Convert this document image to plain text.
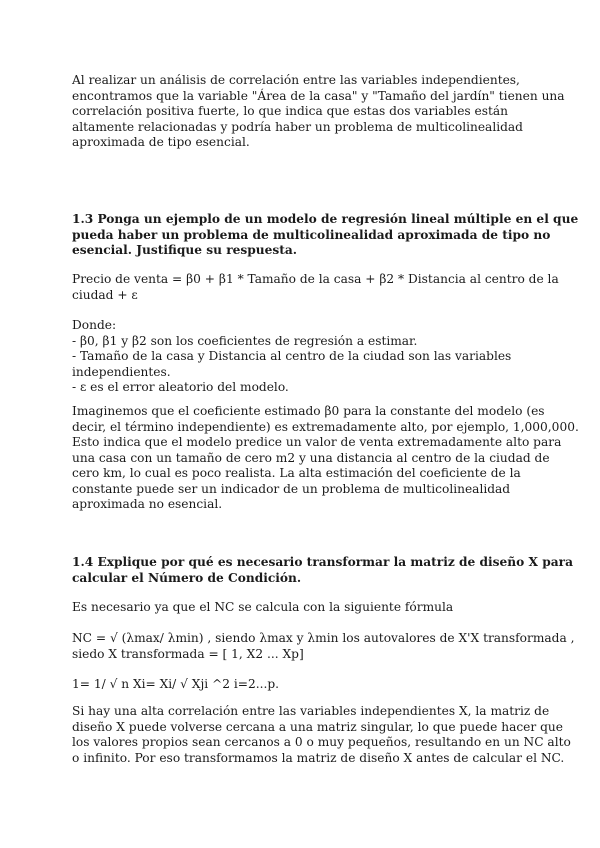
Al realizar un análisis de correlación entre las variables independientes,
encontramos que la variable "Área de la casa" y "Tamaño del jardín" tienen una
correlación positiva fuerte, lo que indica que estas dos variables están
altamente relacionadas y podría haber un problema de multicolinealidad
aproximada de tipo esencial.
1.3 Ponga un ejemplo de un modelo de regresión lineal múltiple en el que
pueda haber un problema de multicolinealidad aproximada de tipo no
esencial. Justifique su respuesta.
Precio de venta = β0 + β1 * Tamaño de la casa + β2 * Distancia al centro de la
ciudad + ε
Donde:
- β0, β1 y β2 son los coeficientes de regresión a estimar.
- Tamaño de la casa y Distancia al centro de la ciudad son las variables
independientes.
- ε es el error aleatorio del modelo.
Imaginemos que el coeficiente estimado β0 para la constante del modelo (es
decir, el término independiente) es extremadamente alto, por ejemplo, 1,000,000.
Esto indica que el modelo predice un valor de venta extremadamente alto para
una casa con un tamaño de cero m2 y una distancia al centro de la ciudad de
cero km, lo cual es poco realista. La alta estimación del coeficiente de la
constante puede ser un indicador de un problema de multicolinealidad
aproximada no esencial.
1.4 Explique por qué es necesario transformar la matriz de diseño X para
calcular el Número de Condición.
Es necesario ya que el NC se calcula con la siguiente fórmula
NC = √ (λmax/ λmin) , siendo λmax y λmin los autovalores de X'X transformada ,
siedo X transformada = [ 1, X2 ... Xp]
1= 1/ √ n Xi= Xi/ √ Xji ^2 i=2...p.
Si hay una alta correlación entre las variables independientes X, la matriz de
diseño X puede volverse cercana a una matriz singular, lo que puede hacer que
los valores propios sean cercanos a 0 o muy pequeños, resultando en un NC alto
o infinito. Por eso transformamos la matriz de diseño X antes de calcular el NC.
